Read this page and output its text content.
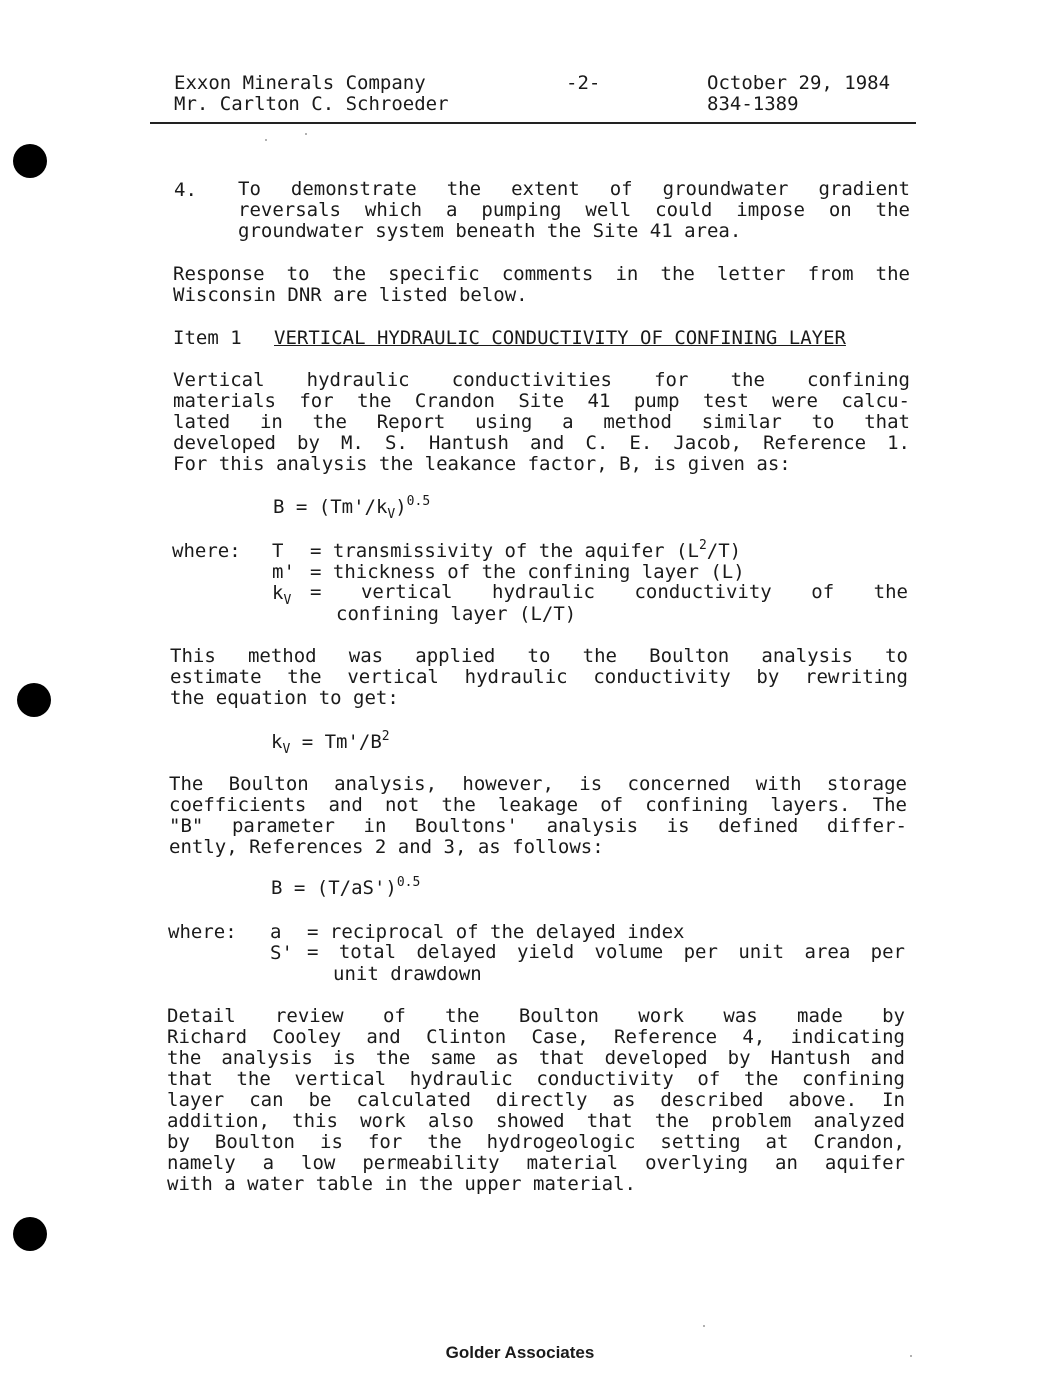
Exxon Minerals Company
Mr. Carlton C. Schroeder
-2-	October 29, 1984
834-1389
4. To demonstrate the extent of groundwater gradient
reversals which a pumping well could impose on the
groundwater system beneath the Site 41 area.
Response to the specific comments in the letter from the
Wisconsin DNR are listed below.
Item 1 VERTICAL HYDRAULIC CONDUCTIVITY OF CONFINING LAYER
Vertical hydraulic conductivities for the confining
materials for the Crandon Site 41 pump test were calcu-
lated in the Report using a method similar to that
developed by M. S. Hantush and C. E. Jacob, Reference 1.
For this analysis the leakance factor, B, is given as:
$B = (Tm'/k_V)^{0.5}$
where: T = transmissivity of the aquifer $(L^2/T)$
m' = thickness of the confining layer (L)
$k_V$ = vertical hydraulic conductivity of the
confining layer (L/T)
This method was applied to the Boulton analysis to
estimate the vertical hydraulic conductivity by rewriting
the equation to get:
$k_V = Tm'/B^2$
The Boulton analysis, however, is concerned with storage
coefficients and not the leakage of confining layers. The
"B" parameter in Boultons' analysis is defined differ-
ently, References 2 and 3, as follows:
$B = (T/aS')^{0.5}$
where: a = reciprocal of the delayed index
S' = total delayed yield volume per unit area per
unit drawdown
Detail review of the Boulton work was made by
Richard Cooley and Clinton Case, Reference 4, indicating
the analysis is the same as that developed by Hantush and
that the vertical hydraulic conductivity of the confining
layer can be calculated directly as described above. In
addition, this work also showed that the problem analyzed
by Boulton is for the hydrogeologic setting at Crandon,
namely a low permeability material overlying an aquifer
with a water table in the upper material.
Golder Associates
